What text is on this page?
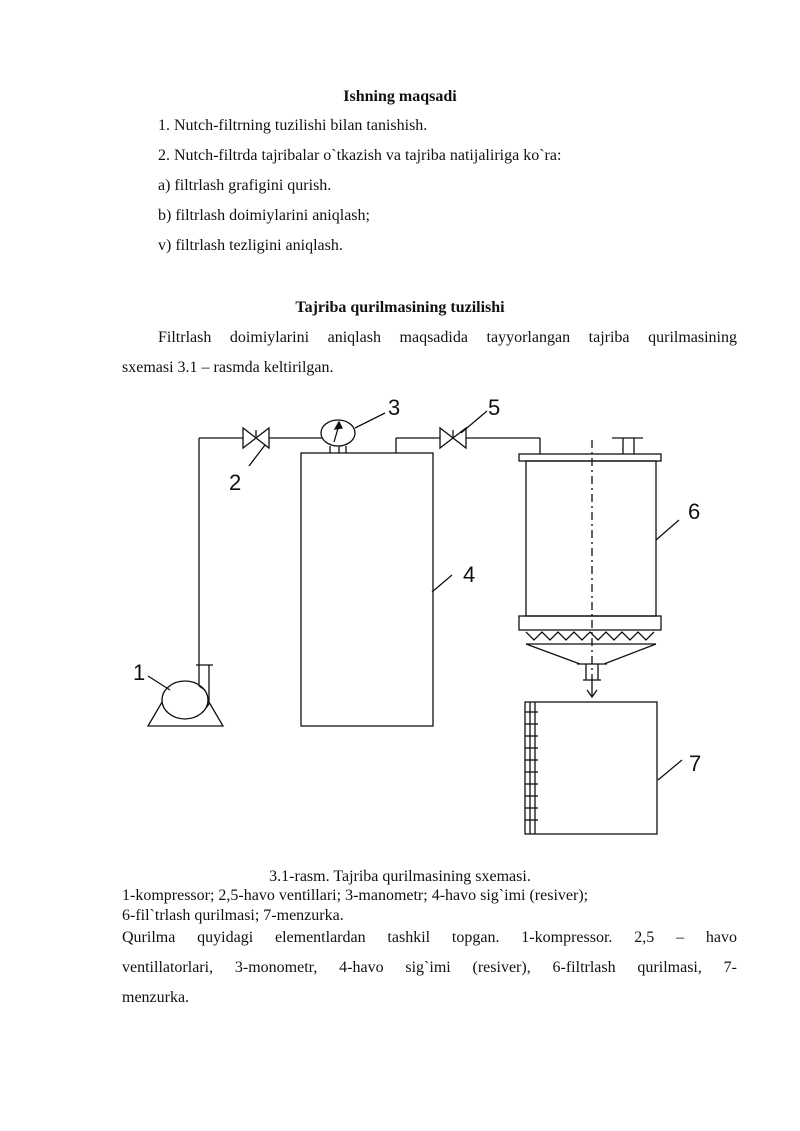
Ishning maqsadi
1. Nutch-filtrning tuzilishi bilan tanishish.
2. Nutch-filtrda tajribalar o`tkazish va tajriba natijaliriga ko`ra:
a) filtrlash grafigini qurish.
b) filtrlash doimiylarini aniqlash;
v) filtrlash tezligini aniqlash.
Tajriba qurilmasining tuzilishi
Filtrlash doimiylarini aniqlash maqsadida tayyorlangan tajriba qurilmasining
sxemasi 3.1 – rasmda keltirilgan.
1
2
3
4
5
6
7
3.1-rasm. Tajriba qurilmasining sxemasi.
1-kompressor; 2,5-havo ventillari; 3-manometr; 4-havo sig`imi (resiver);
6-fil`trlash qurilmasi; 7-menzurka.
Qurilma quyidagi elementlardan tashkil topgan. 1-kompressor. 2,5 – havo
ventillatorlari, 3-monometr, 4-havo sig`imi (resiver), 6-filtrlash qurilmasi, 7-
menzurka.
